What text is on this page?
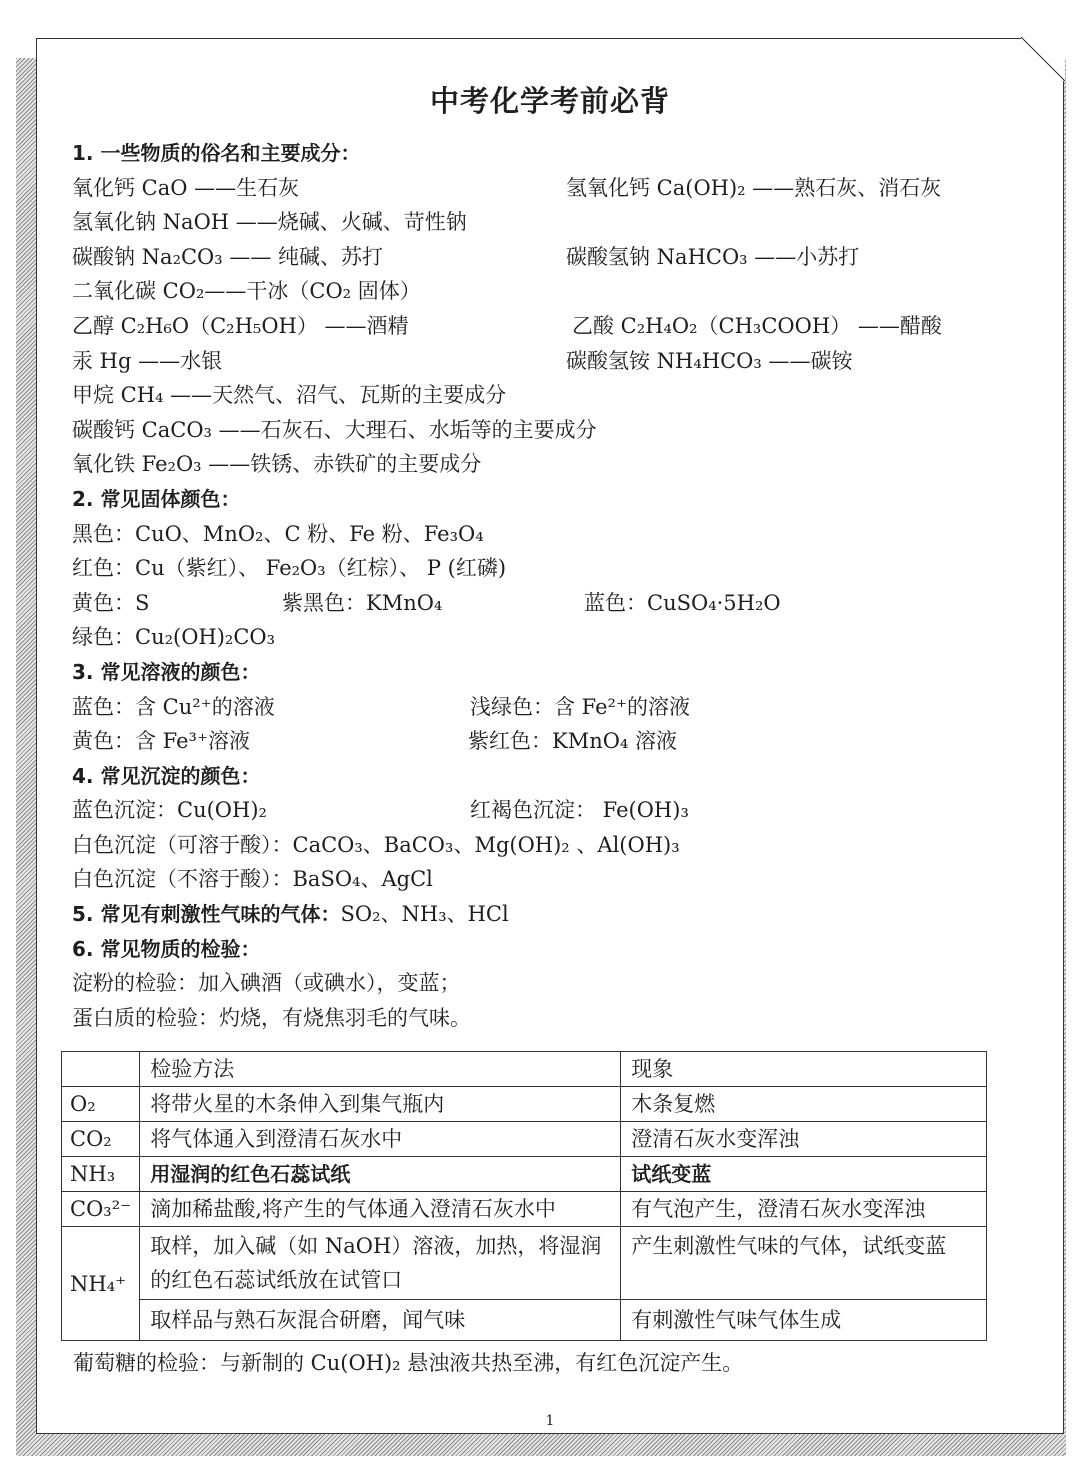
中考化学考前必背
1. 一些物质的俗名和主要成分：
氧化钙 CaO ——生石灰	氢氧化钙 Ca(OH)₂ ——熟石灰、消石灰
氢氧化钠 NaOH ——烧碱、火碱、苛性钠
碳酸钠 Na₂CO₃ —— 纯碱、苏打	碳酸氢钠 NaHCO₃ ——小苏打
二氧化碳 CO₂——干冰（CO₂ 固体）
乙醇 C₂H₆O（C₂H₅OH） ——酒精	乙酸 C₂H₄O₂（CH₃COOH） ——醋酸
汞 Hg ——水银	碳酸氢铵 NH₄HCO₃ ——碳铵
甲烷 CH₄ ——天然气、沼气、瓦斯的主要成分
碳酸钙 CaCO₃ ——石灰石、大理石、水垢等的主要成分
氧化铁 Fe₂O₃ ——铁锈、赤铁矿的主要成分
2. 常见固体颜色：
黑色：CuO、MnO₂、C 粉、Fe 粉、Fe₃O₄
红色：Cu（紫红）、 Fe₂O₃（红棕）、 P (红磷)
黄色：S	紫黑色：KMnO₄	蓝色：CuSO₄·5H₂O
绿色：Cu₂(OH)₂CO₃
3. 常见溶液的颜色：
蓝色：含 Cu²⁺的溶液	浅绿色：含 Fe²⁺的溶液
黄色：含 Fe³⁺溶液	紫红色：KMnO₄ 溶液
4. 常见沉淀的颜色：
蓝色沉淀：Cu(OH)₂	红褐色沉淀： Fe(OH)₃
白色沉淀（可溶于酸）：CaCO₃、BaCO₃、Mg(OH)₂ 、Al(OH)₃
白色沉淀（不溶于酸）：BaSO₄、AgCl
5. 常见有刺激性气味的气体：SO₂、NH₃、HCl
6. 常见物质的检验：
淀粉的检验：加入碘酒（或碘水），变蓝；
蛋白质的检验：灼烧，有烧焦羽毛的气味。
	检验方法	现象
O₂	将带火星的木条伸入到集气瓶内	木条复燃
CO₂	将气体通入到澄清石灰水中	澄清石灰水变浑浊
NH₃	用湿润的红色石蕊试纸	试纸变蓝
CO₃²⁻	滴加稀盐酸,将产生的气体通入澄清石灰水中	有气泡产生，澄清石灰水变浑浊
NH₄⁺	取样，加入碱（如 NaOH）溶液，加热，将湿润的红色石蕊试纸放在试管口	产生刺激性气味的气体，试纸变蓝
	取样品与熟石灰混合研磨，闻气味	有刺激性气味气体生成
葡萄糖的检验：与新制的 Cu(OH)₂ 悬浊液共热至沸，有红色沉淀产生。
1
